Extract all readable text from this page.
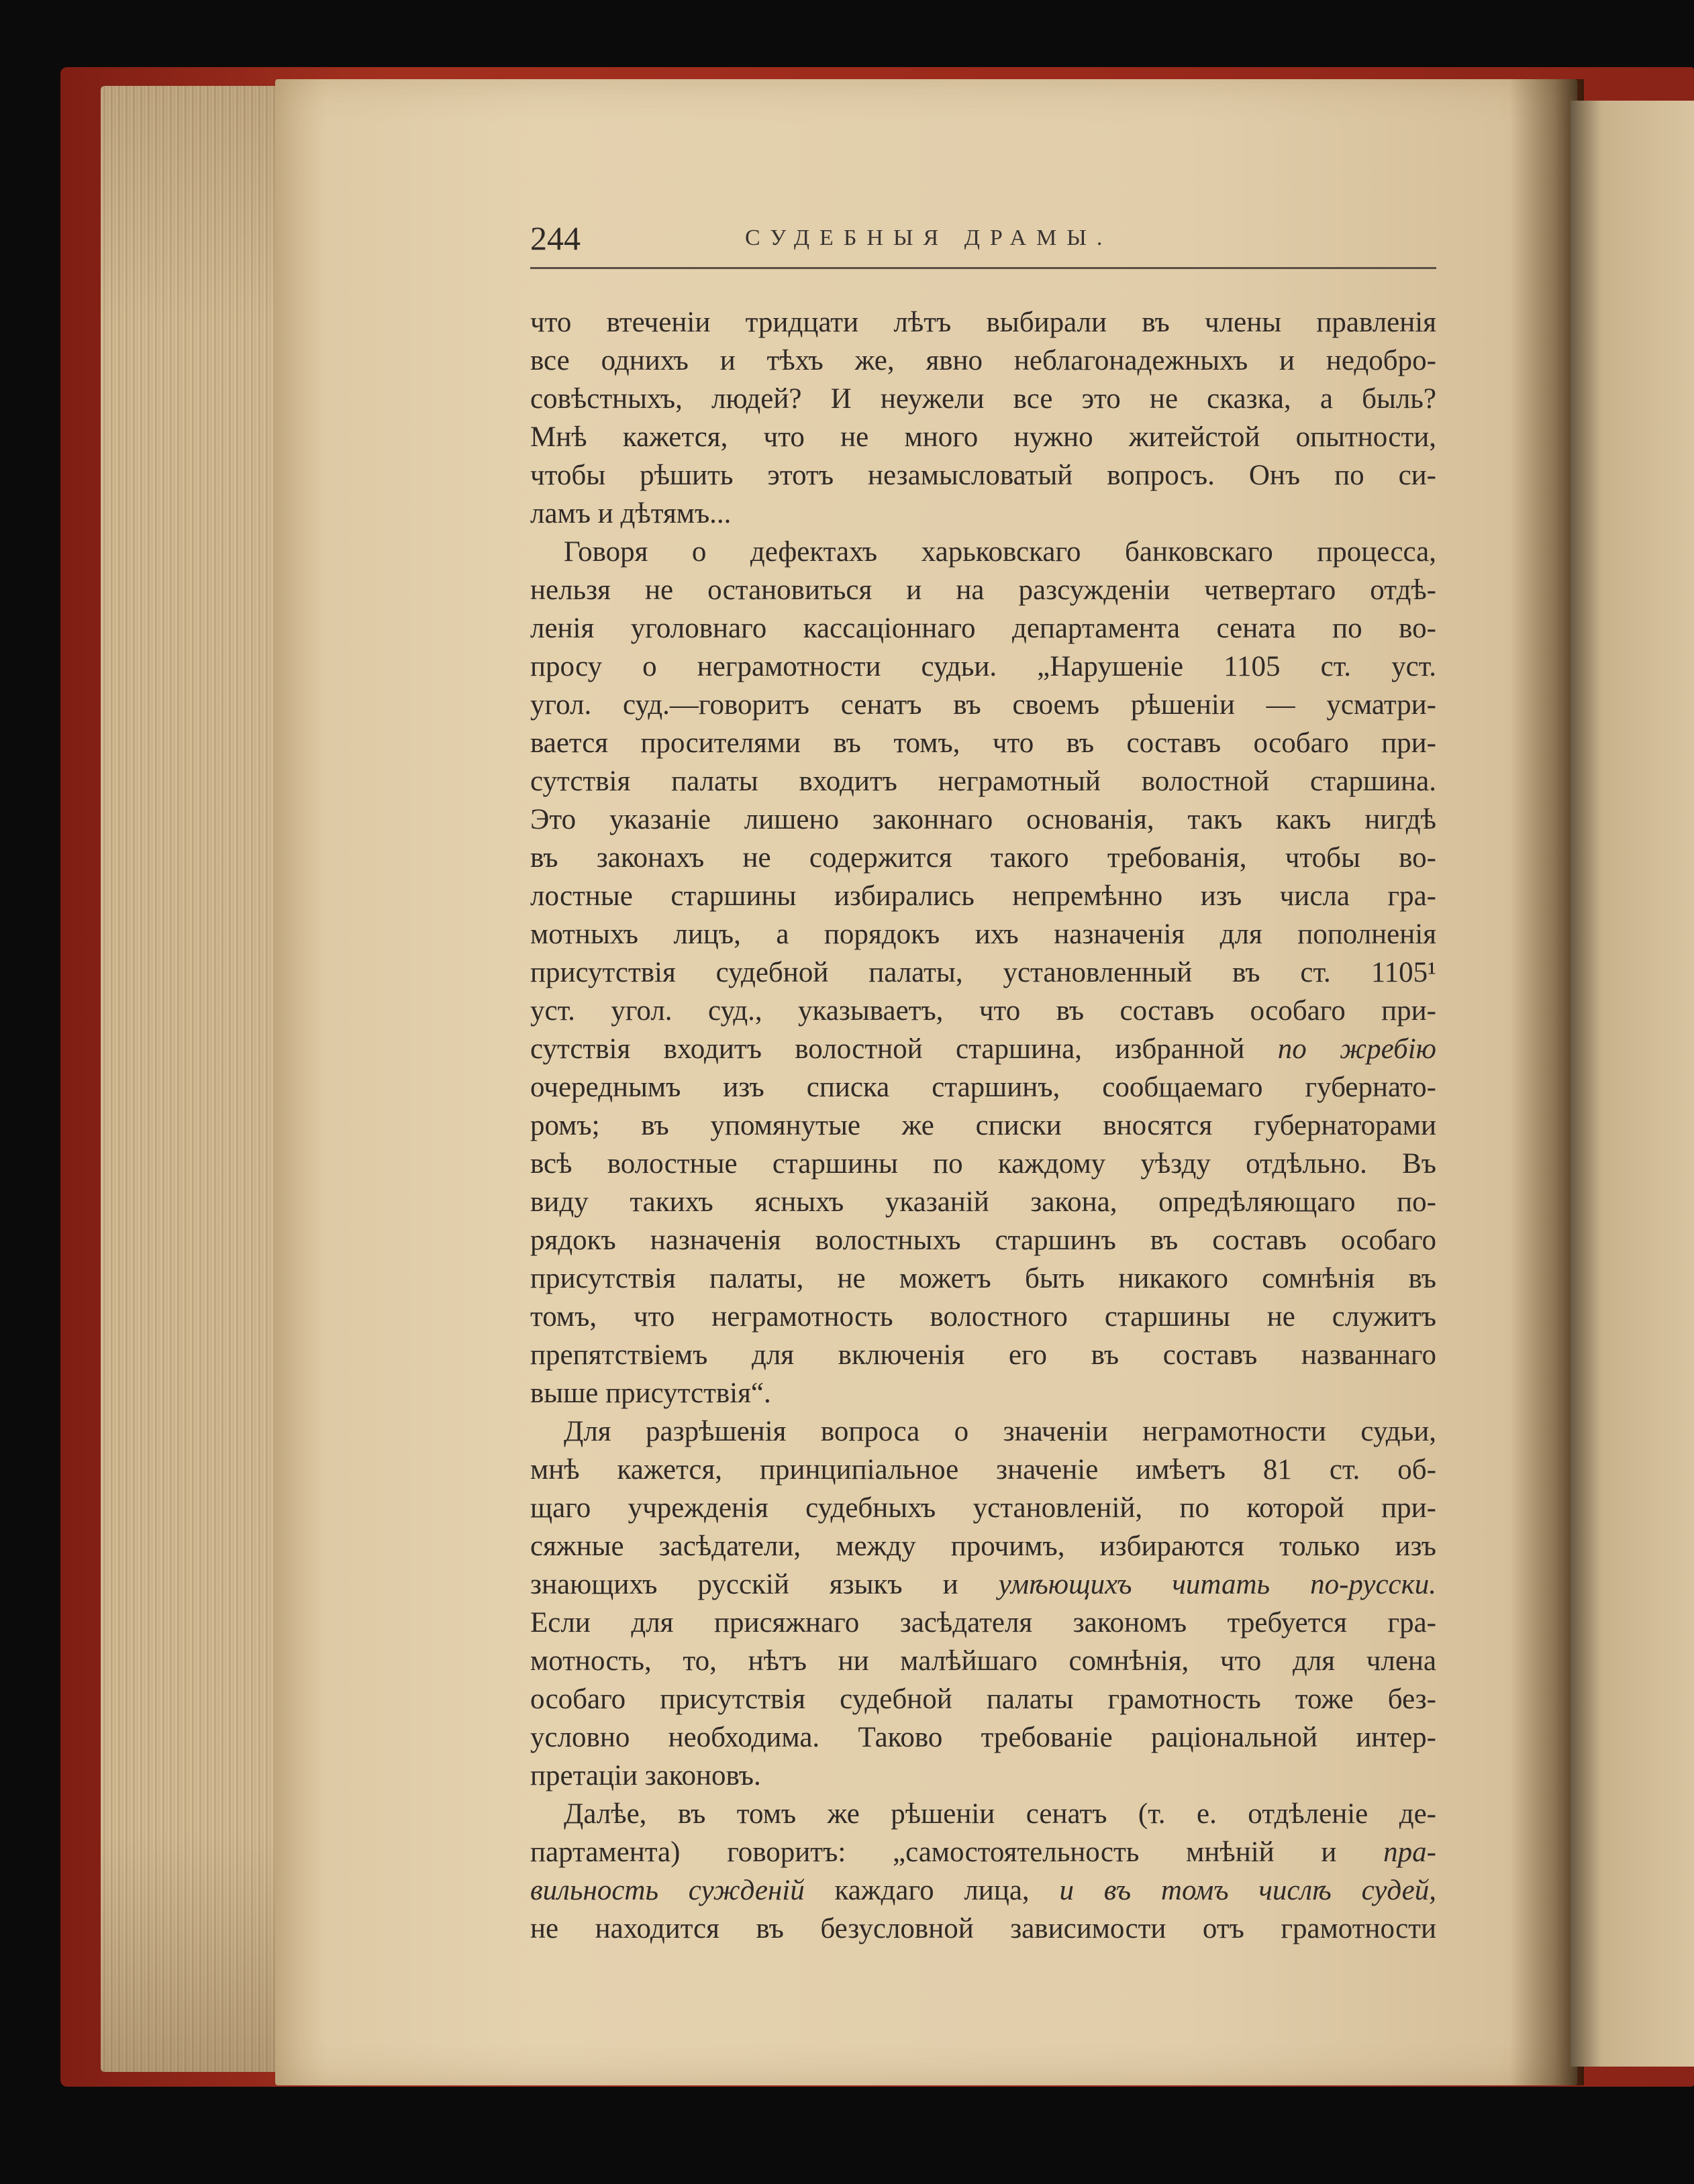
244	СУДЕБНЫЯ ДРАМЫ.
что втеченіи тридцати лѣтъ выбирали въ члены правленія
все однихъ и тѣхъ же, явно неблагонадежныхъ и недобро-
совѣстныхъ, людей? И неужели все это не сказка, а быль?
Мнѣ кажется, что не много нужно житейстой опытности,
чтобы рѣшить этотъ незамысловатый вопросъ. Онъ по си-
ламъ и дѣтямъ...
Говоря о дефектахъ харьковскаго банковскаго процесса,
нельзя не остановиться и на разсужденіи четвертаго отдѣ-
ленія уголовнаго кассаціоннаго департамента сената по во-
просу о неграмотности судьи. „Нарушеніе 1105 ст. уст.
угол. суд.—говоритъ сенатъ въ своемъ рѣшеніи — усматри-
вается просителями въ томъ, что въ составъ особаго при-
сутствія палаты входитъ неграмотный волостной старшина.
Это указаніе лишено законнаго основанія, такъ какъ нигдѣ
въ законахъ не содержится такого требованія, чтобы во-
лостные старшины избирались непремѣнно изъ числа гра-
мотныхъ лицъ, а порядокъ ихъ назначенія для пополненія
присутствія судебной палаты, установленный въ ст. 1105¹
уст. угол. суд., указываетъ, что въ составъ особаго при-
сутствія входитъ волостной старшина, избранной по жребію
очереднымъ изъ списка старшинъ, сообщаемаго губернато-
ромъ; въ упомянутые же списки вносятся губернаторами
всѣ волостные старшины по каждому уѣзду отдѣльно. Въ
виду такихъ ясныхъ указаній закона, опредѣляющаго по-
рядокъ назначенія волостныхъ старшинъ въ составъ особаго
присутствія палаты, не можетъ быть никакого сомнѣнія въ
томъ, что неграмотность волостного старшины не служитъ
препятствіемъ для включенія его въ составъ названнаго
выше присутствія“.
Для разрѣшенія вопроса о значеніи неграмотности судьи,
мнѣ кажется, принципіальное значеніе имѣетъ 81 ст. об-
щаго учрежденія судебныхъ установленій, по которой при-
сяжные засѣдатели, между прочимъ, избираются только изъ
знающихъ русскій языкъ и умѣющихъ читать по-русски.
Если для присяжнаго засѣдателя закономъ требуется гра-
мотность, то, нѣтъ ни малѣйшаго сомнѣнія, что для члена
особаго присутствія судебной палаты грамотность тоже без-
условно необходима. Таково требованіе раціональной интер-
претаціи законовъ.
Далѣе, въ томъ же рѣшеніи сенатъ (т. е. отдѣленіе де-
партамента) говоритъ: „самостоятельность мнѣній и пра-
вильность сужденій каждаго лица, и въ томъ числѣ судей,
не находится въ безусловной зависимости отъ грамотности
